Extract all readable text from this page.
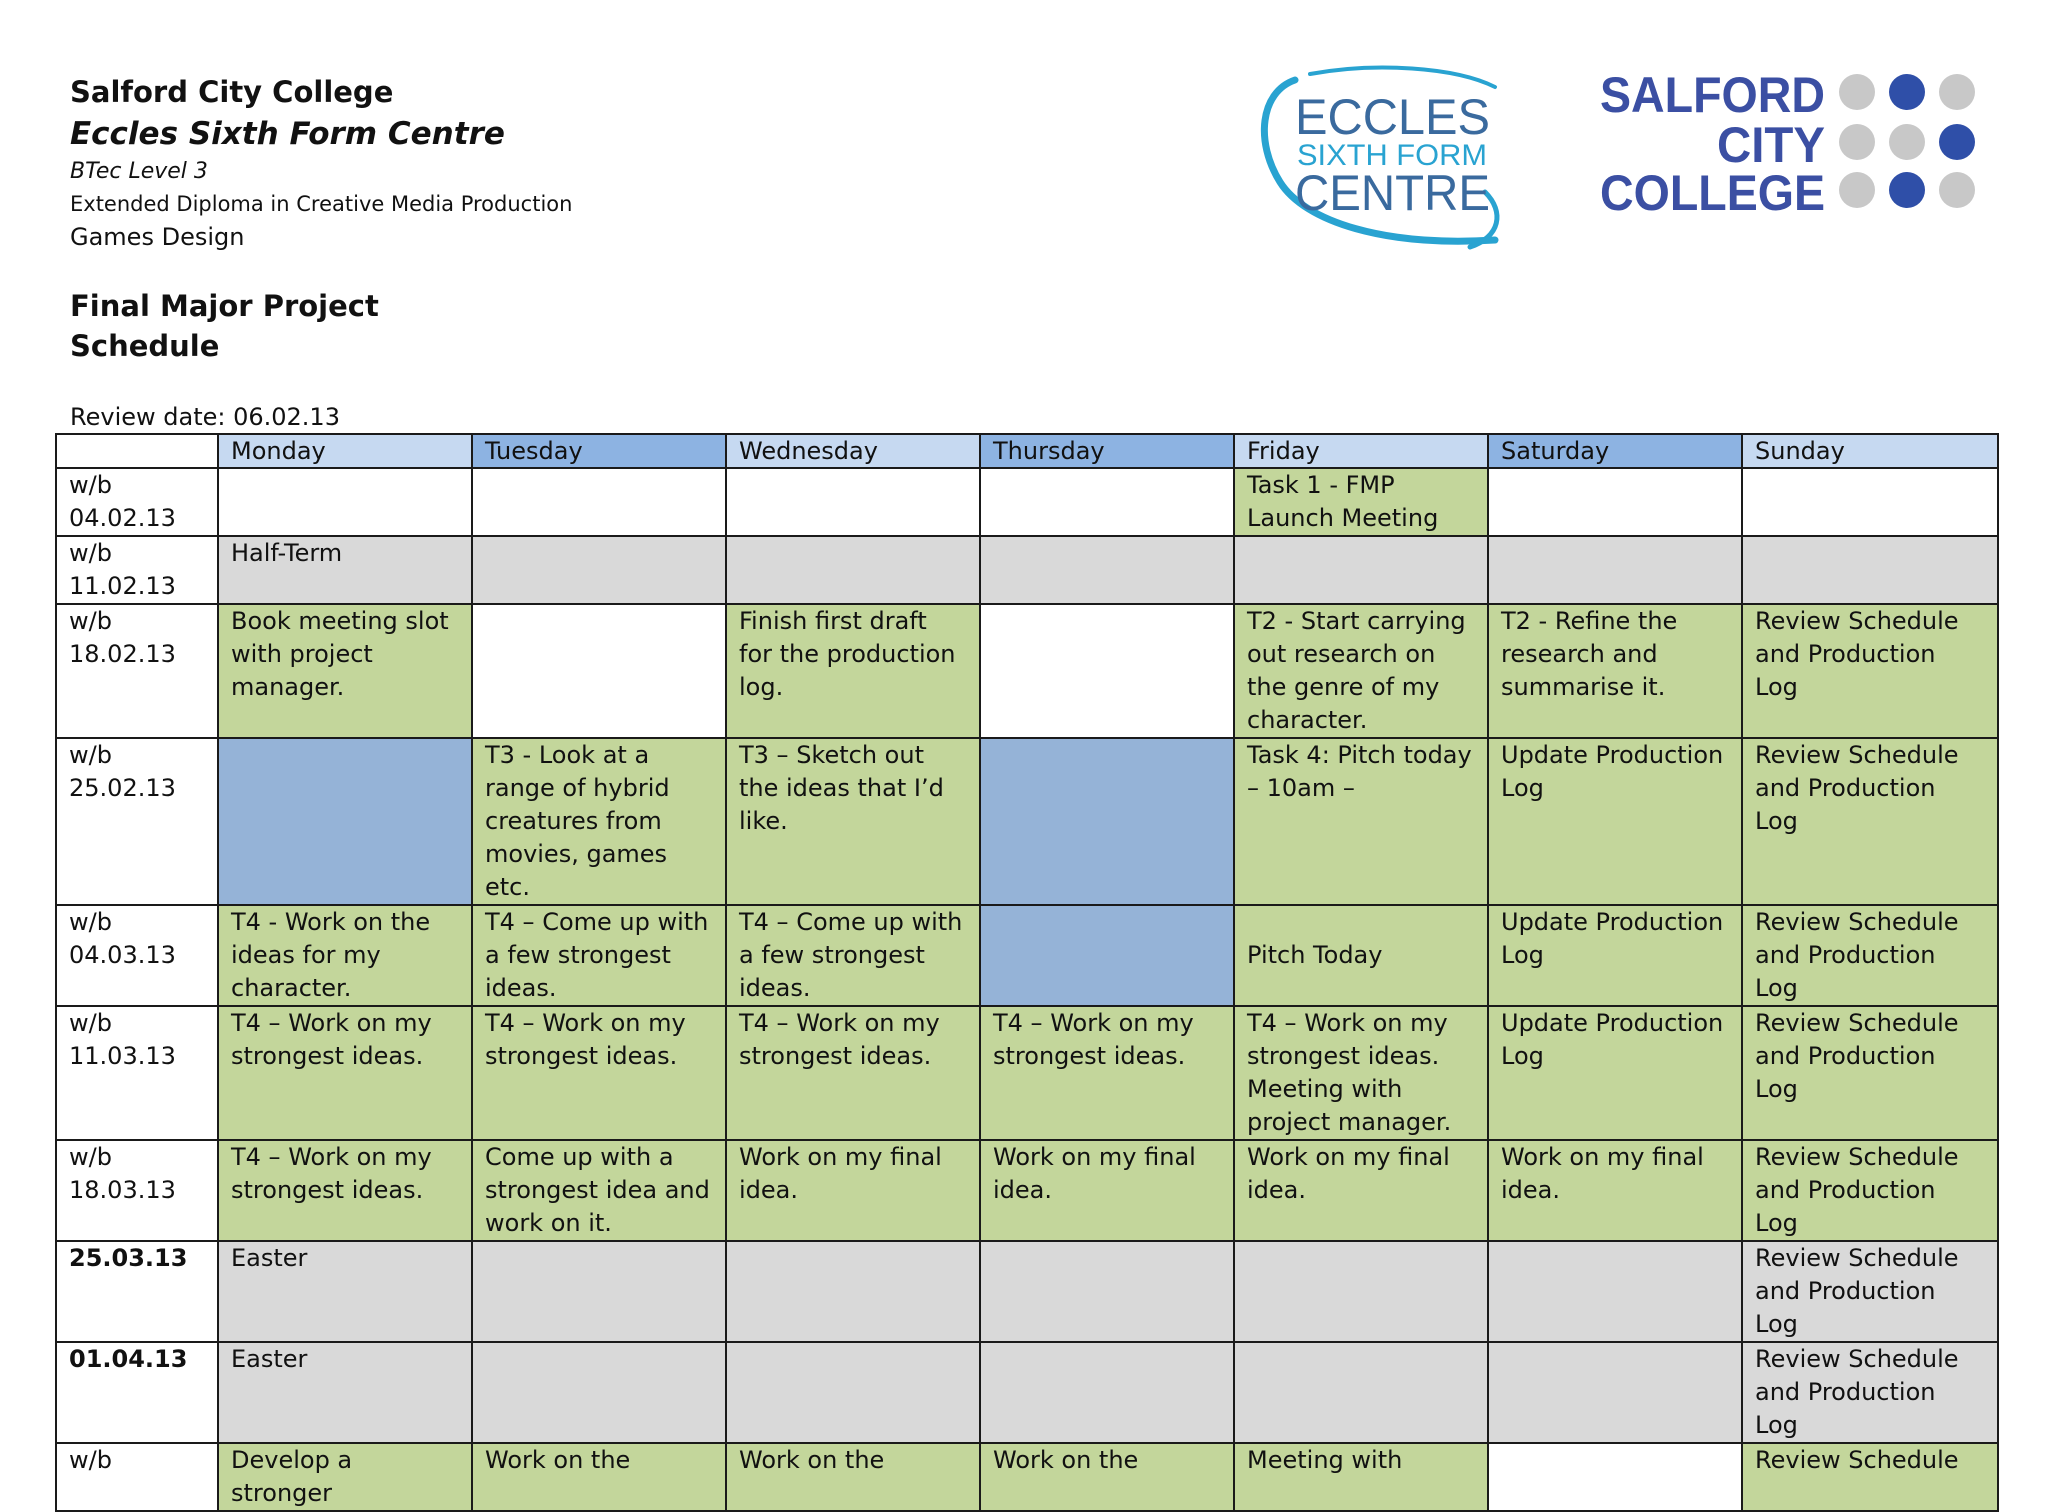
Salford City College
Eccles Sixth Form Centre
BTec Level 3
Extended Diploma in Creative Media Production
Games Design
Final Major Project
Schedule
Review date: 06.02.13
ECCLES
SIXTH FORM
CENTRE
SALFORD
CITY
COLLEGE
	Monday	Tuesday	Wednesday	Thursday	Friday	Saturday	Sunday

w/b
04.02.13					Task 1 - FMP Launch Meeting		

w/b
11.02.13	Half-Term						

w/b
18.02.13	Book meeting slot with project manager.		Finish first draft for the production log.		T2 - Start carrying out research on the genre of my character.	T2 - Refine the research and summarise it.	Review Schedule and Production Log

w/b
25.02.13		T3 - Look at a range of hybrid creatures from movies, games etc.	T3 – Sketch out the ideas that I’d like.		Task 4: Pitch today – 10am –	Update Production Log	Review Schedule and Production Log

w/b
04.03.13	T4 - Work on the ideas for my character.	T4 – Come up with a few strongest ideas.	T4 – Come up with a few strongest ideas.		Pitch Today	Update Production Log	Review Schedule and Production Log

w/b
11.03.13	T4 – Work on my strongest ideas.	T4 – Work on my strongest ideas.	T4 – Work on my strongest ideas.	T4 – Work on my strongest ideas.	T4 – Work on my strongest ideas. Meeting with project manager.	Update Production Log	Review Schedule and Production Log

w/b
18.03.13	T4 – Work on my strongest ideas.	Come up with a strongest idea and work on it.	Work on my final idea.	Work on my final idea.	Work on my final idea.	Work on my final idea.	Review Schedule and Production Log

25.03.13	Easter						Review Schedule and Production Log

01.04.13	Easter						Review Schedule and Production Log

w/b	Develop a stronger	Work on the	Work on the	Work on the	Meeting with		Review Schedule
